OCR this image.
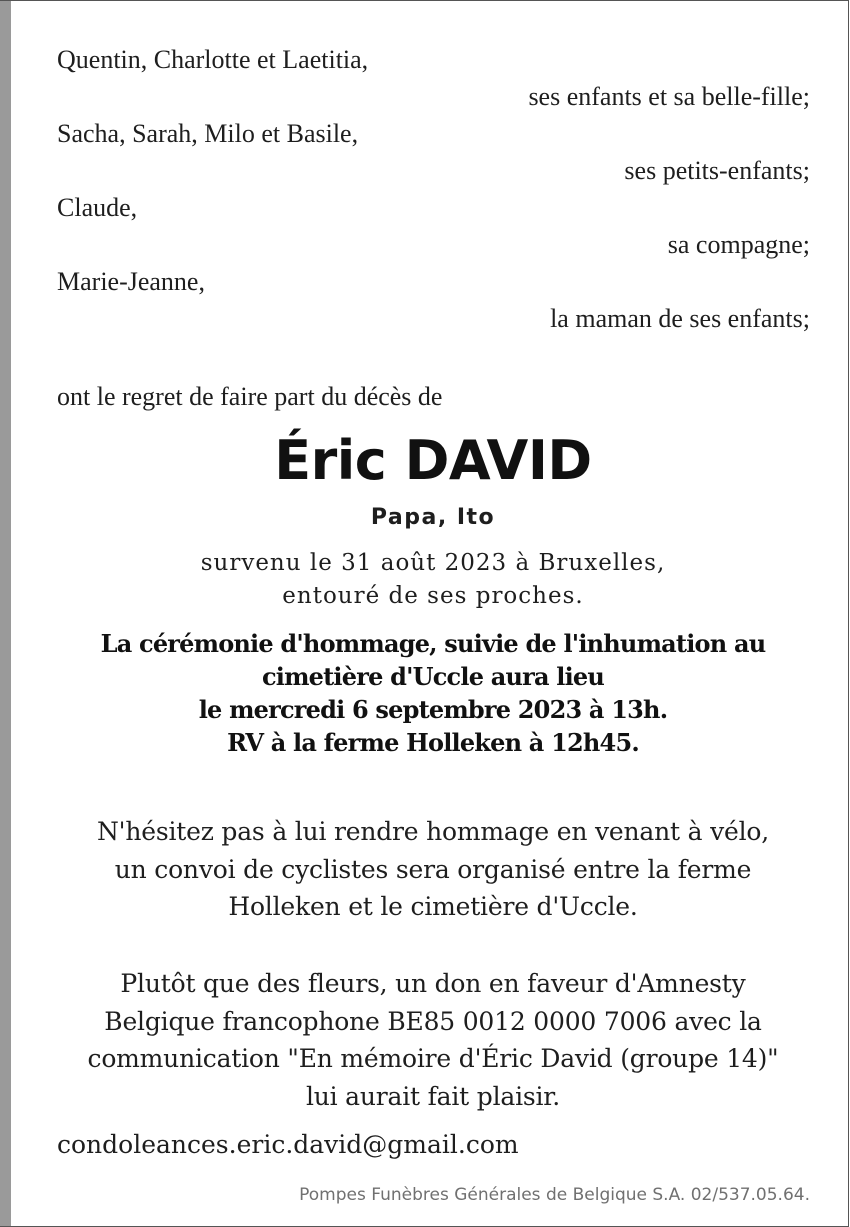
Quentin, Charlotte et Laetitia,
ses enfants et sa belle-fille;
Sacha, Sarah, Milo et Basile,
ses petits-enfants;
Claude,
sa compagne;
Marie-Jeanne,
la maman de ses enfants;
ont le regret de faire part du décès de
Éric DAVID
Papa, Ito
survenu le 31 août 2023 à Bruxelles,
entouré de ses proches.
La cérémonie d'hommage, suivie de l'inhumation au
cimetière d'Uccle aura lieu
le mercredi 6 septembre 2023 à 13h.
RV à la ferme Holleken à 12h45.
N'hésitez pas à lui rendre hommage en venant à vélo,
un convoi de cyclistes sera organisé entre la ferme
Holleken et le cimetière d'Uccle.
Plutôt que des fleurs, un don en faveur d'Amnesty
Belgique francophone BE85 0012 0000 7006 avec la
communication "En mémoire d'Éric David (groupe 14)"
lui aurait fait plaisir.
condoleances.eric.david@gmail.com
Pompes Funèbres Générales de Belgique S.A. 02/537.05.64.
